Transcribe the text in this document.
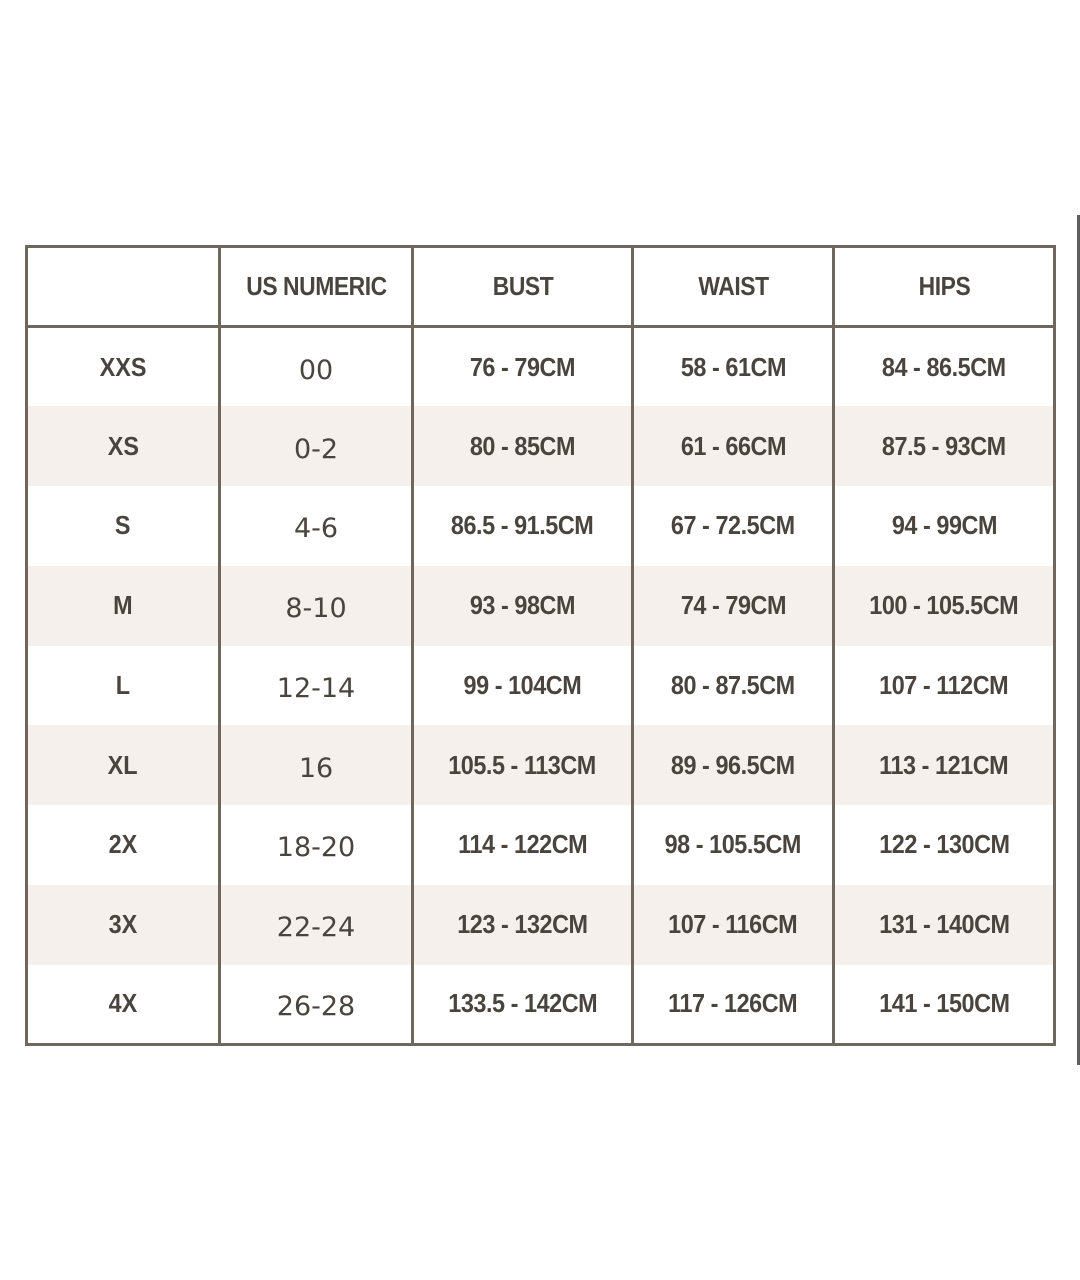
	US NUMERIC	BUST	WAIST	HIPS
XXS	00	76 - 79CM	58 - 61CM	84 - 86.5CM
XS	0-2	80 - 85CM	61 - 66CM	87.5 - 93CM
S	4-6	86.5 - 91.5CM	67 - 72.5CM	94 - 99CM
M	8-10	93 - 98CM	74 - 79CM	100 - 105.5CM
L	12-14	99 - 104CM	80 - 87.5CM	107 - 112CM
XL	16	105.5 - 113CM	89 - 96.5CM	113 - 121CM
2X	18-20	114 - 122CM	98 - 105.5CM	122 - 130CM
3X	22-24	123 - 132CM	107 - 116CM	131 - 140CM
4X	26-28	133.5 - 142CM	117 - 126CM	141 - 150CM
